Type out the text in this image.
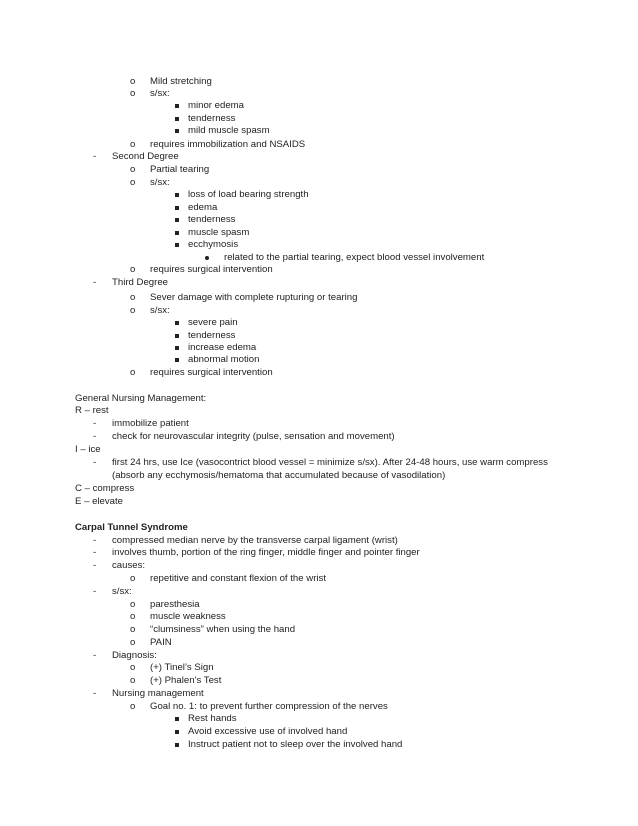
o Mild stretching
o s/sx:
minor edema
tenderness
mild muscle spasm
o requires immobilization and NSAIDS
- Second Degree
o Partial tearing
o s/sx:
loss of load bearing strength
edema
tenderness
muscle spasm
ecchymosis
related to the partial tearing, expect blood vessel involvement
o requires surgical intervention
- Third Degree
o Sever damage with complete rupturing or tearing
o s/sx:
severe pain
tenderness
increase edema
abnormal motion
o requires surgical intervention
General Nursing Management:
R – rest
- immobilize patient
- check for neurovascular integrity (pulse, sensation and movement)
I – ice
- first 24 hrs, use Ice (vasocontrict blood vessel = minimize s/sx). After 24-48 hours, use warm compress
(absorb any ecchymosis/hematoma that accumulated because of vasodilation)
C – compress
E – elevate
Carpal Tunnel Syndrome
- compressed median nerve by the transverse carpal ligament (wrist)
- involves thumb, portion of the ring finger, middle finger and pointer finger
- causes:
o repetitive and constant flexion of the wrist
- s/sx:
o paresthesia
o muscle weakness
o “clumsiness” when using the hand
o PAIN
- Diagnosis:
o (+) Tinel’s Sign
o (+) Phalen’s Test
- Nursing management
o Goal no. 1: to prevent further compression of the nerves
Rest hands
Avoid excessive use of involved hand
Instruct patient not to sleep over the involved hand
